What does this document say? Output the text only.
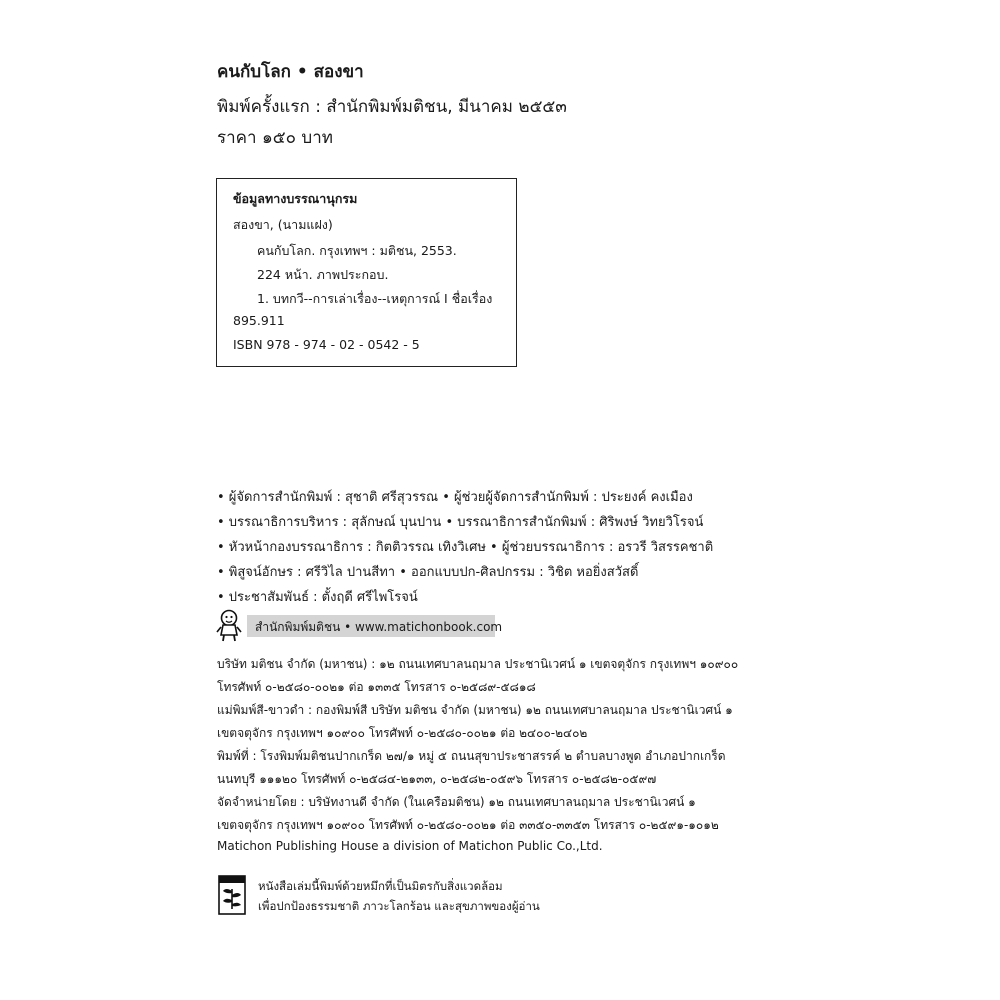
คนกับโลก • สองขา
พิมพ์ครั้งแรก : สำนักพิมพ์มติชน, มีนาคม ๒๕๕๓
ราคา ๑๕๐ บาท
ข้อมูลทางบรรณานุกรม
สองขา, (นามแฝง)
คนกับโลก. กรุงเทพฯ : มติชน, 2553.
224 หน้า. ภาพประกอบ.
1. บทกวี--การเล่าเรื่อง--เหตุการณ์ I ชื่อเรื่อง
895.911
ISBN 978 - 974 - 02 - 0542 - 5
• ผู้จัดการสำนักพิมพ์ : สุชาติ ศรีสุวรรณ • ผู้ช่วยผู้จัดการสำนักพิมพ์ : ประยงค์ คงเมือง
• บรรณาธิการบริหาร : สุลักษณ์ บุนปาน • บรรณาธิการสำนักพิมพ์ : ศิริพงษ์ วิทยวิโรจน์
• หัวหน้ากองบรรณาธิการ : กิตติวรรณ เทิงวิเศษ • ผู้ช่วยบรรณาธิการ : อรวรี วิสรรคชาติ
• พิสูจน์อักษร : ศรีวิไล ปานสีทา • ออกแบบปก-ศิลปกรรม : วิชิต หอยิ่งสวัสดิ์
• ประชาสัมพันธ์ : ตั้งฤดี ศรีไพโรจน์
สำนักพิมพ์มติชน • www.matichonbook.com
บริษัท มติชน จำกัด (มหาชน) : ๑๒ ถนนเทศบาลนฤมาล ประชานิเวศน์ ๑ เขตจตุจักร กรุงเทพฯ ๑๐๙๐๐
โทรศัพท์ ๐-๒๕๘๐-๐๐๒๑ ต่อ ๑๓๓๕ โทรสาร ๐-๒๕๘๙-๕๘๑๘
แม่พิมพ์สี-ขาวดำ : กองพิมพ์สี บริษัท มติชน จำกัด (มหาชน) ๑๒ ถนนเทศบาลนฤมาล ประชานิเวศน์ ๑
เขตจตุจักร กรุงเทพฯ ๑๐๙๐๐ โทรศัพท์ ๐-๒๕๘๐-๐๐๒๑ ต่อ ๒๔๐๐-๒๔๐๒
พิมพ์ที่ : โรงพิมพ์มติชนปากเกร็ด ๒๗/๑ หมู่ ๕ ถนนสุขาประชาสรรค์ ๒ ตำบลบางพูด อำเภอปากเกร็ด
นนทบุรี ๑๑๑๒๐ โทรศัพท์ ๐-๒๕๘๔-๒๑๓๓, ๐-๒๕๘๒-๐๕๙๖ โทรสาร ๐-๒๕๘๒-๐๕๙๗
จัดจำหน่ายโดย : บริษัทงานดี จำกัด (ในเครือมติชน) ๑๒ ถนนเทศบาลนฤมาล ประชานิเวศน์ ๑
เขตจตุจักร กรุงเทพฯ ๑๐๙๐๐ โทรศัพท์ ๐-๒๕๘๐-๐๐๒๑ ต่อ ๓๓๕๐-๓๓๕๓ โทรสาร ๐-๒๕๙๑-๑๐๑๒
Matichon Publishing House a division of Matichon Public Co.,Ltd.
หนังสือเล่มนี้พิมพ์ด้วยหมึกที่เป็นมิตรกับสิ่งแวดล้อม
เพื่อปกป้องธรรมชาติ ภาวะโลกร้อน และสุขภาพของผู้อ่าน
